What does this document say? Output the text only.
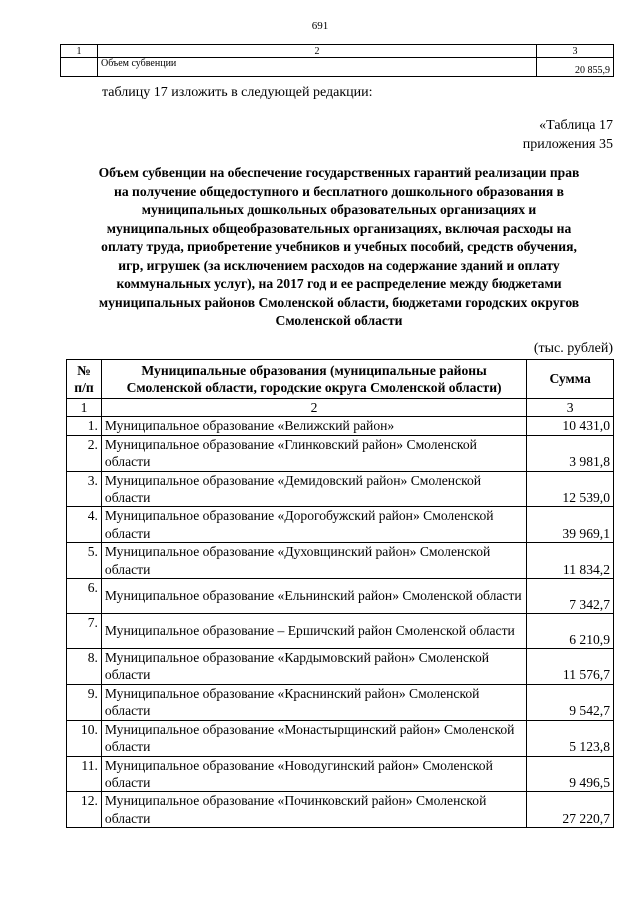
691
1	2	3
	Объем субвенции	20 855,9
таблицу 17 изложить в следующей редакции:
«Таблица 17
приложения 35
Объем субвенции на обеспечение государственных гарантий реализации прав
на получение общедоступного и бесплатного дошкольного образования в
муниципальных дошкольных образовательных организациях и
муниципальных общеобразовательных организациях, включая расходы на
оплату труда, приобретение учебников и учебных пособий, средств обучения,
игр, игрушек (за исключением расходов на содержание зданий и оплату
коммунальных услуг), на 2017 год и ее распределение между бюджетами
муниципальных районов Смоленской области, бюджетами городских округов
Смоленской области
(тыс. рублей)
№ п/п	Муниципальные образования (муниципальные районы Смоленской области, городские округа Смоленской области)	Сумма
1	2	3
1.	Муниципальное образование «Велижский район»	10 431,0
2.	Муниципальное образование «Глинковский район» Смоленской области	3 981,8
3.	Муниципальное образование «Демидовский район» Смоленской области	12 539,0
4.	Муниципальное образование «Дорогобужский район» Смоленской области	39 969,1
5.	Муниципальное образование «Духовщинский район» Смоленской области	11 834,2
6.	Муниципальное образование «Ельнинский район» Смоленской области	7 342,7
7.	Муниципальное образование – Ершичский район Смоленской области	6 210,9
8.	Муниципальное образование «Кардымовский район» Смоленской области	11 576,7
9.	Муниципальное образование «Краснинский район» Смоленской области	9 542,7
10.	Муниципальное образование «Монастырщинский район» Смоленской области	5 123,8
11.	Муниципальное образование «Новодугинский район» Смоленской области	9 496,5
12.	Муниципальное образование «Починковский район» Смоленской области	27 220,7
